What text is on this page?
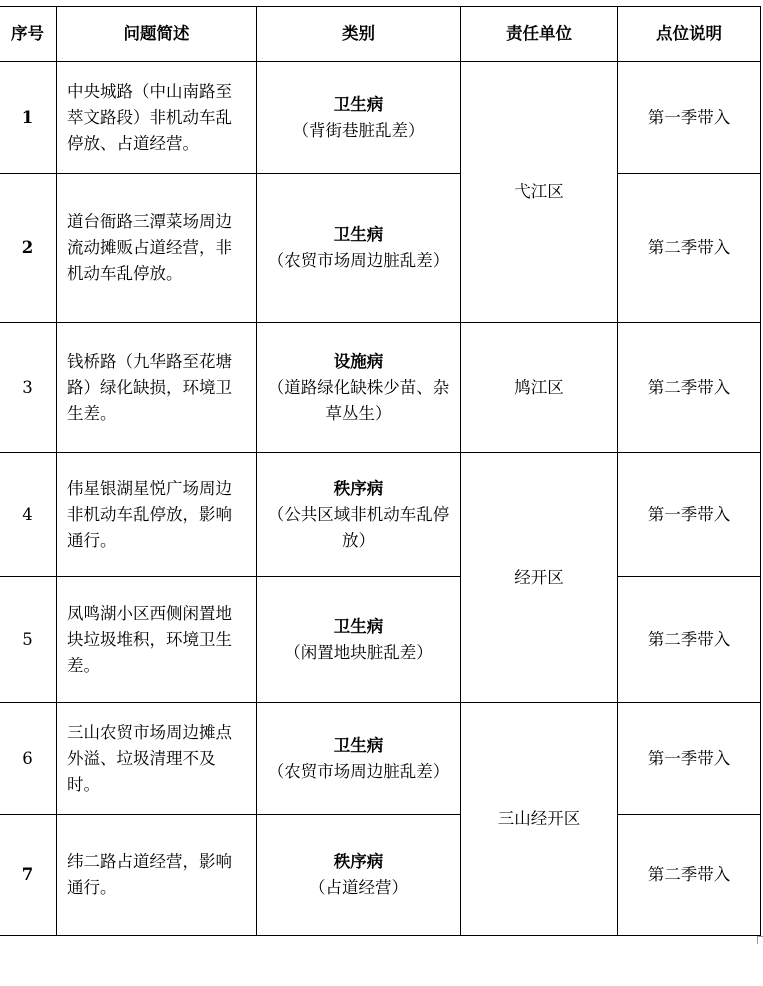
序号	问题简述	类别	责任单位	点位说明
1	中央城路（中山南路至萃文路段）非机动车乱停放、占道经营。	卫生病
（背街巷脏乱差）	弋江区	第一季带入
2	道台衙路三潭菜场周边流动摊贩占道经营，非机动车乱停放。	卫生病
（农贸市场周边脏乱差）		第二季带入
3	钱桥路（九华路至花塘路）绿化缺损，环境卫生差。	设施病
（道路绿化缺株少苗、杂草丛生）	鸠江区	第二季带入
4	伟星银湖星悦广场周边非机动车乱停放，影响通行。	秩序病
（公共区域非机动车乱停放）	经开区	第一季带入
5	凤鸣湖小区西侧闲置地块垃圾堆积，环境卫生差。	卫生病
（闲置地块脏乱差）		第二季带入
6	三山农贸市场周边摊点外溢、垃圾清理不及时。	卫生病
（农贸市场周边脏乱差）	三山经开区	第一季带入
7	纬二路占道经营，影响通行。	秩序病
（占道经营）		第二季带入
